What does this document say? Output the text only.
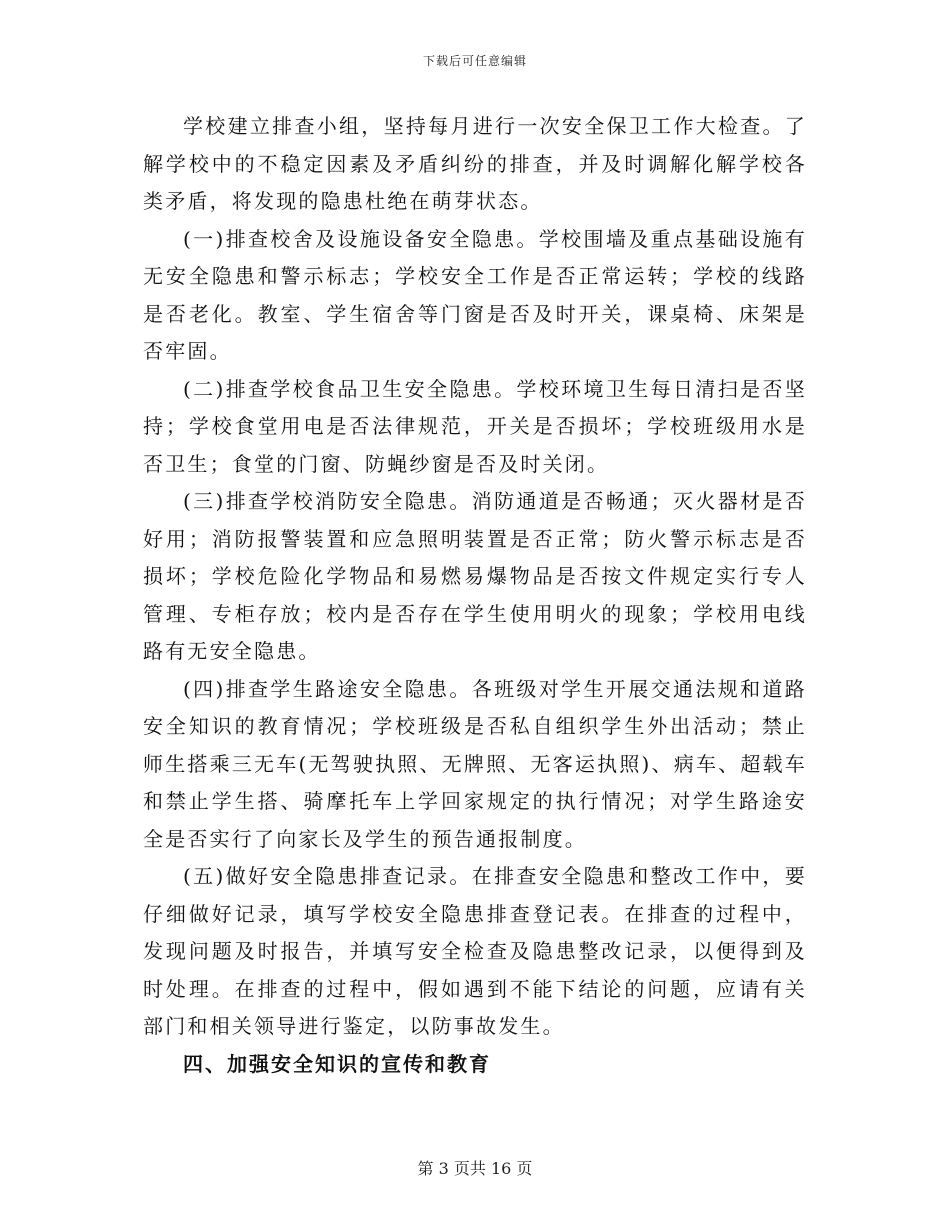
下载后可任意编辑

学校建立排查小组，坚持每月进行一次安全保卫工作大检查。了解学校中的不稳定因素及矛盾纠纷的排查，并及时调解化解学校各类矛盾，将发现的隐患杜绝在萌芽状态。

(一)排查校舍及设施设备安全隐患。学校围墙及重点基础设施有无安全隐患和警示标志；学校安全工作是否正常运转；学校的线路是否老化。教室、学生宿舍等门窗是否及时开关，课桌椅、床架是否牢固。

(二)排查学校食品卫生安全隐患。学校环境卫生每日清扫是否坚持；学校食堂用电是否法律规范，开关是否损坏；学校班级用水是否卫生；食堂的门窗、防蝇纱窗是否及时关闭。

(三)排查学校消防安全隐患。消防通道是否畅通；灭火器材是否好用；消防报警装置和应急照明装置是否正常；防火警示标志是否损坏；学校危险化学物品和易燃易爆物品是否按文件规定实行专人管理、专柜存放；校内是否存在学生使用明火的现象；学校用电线路有无安全隐患。

(四)排查学生路途安全隐患。各班级对学生开展交通法规和道路安全知识的教育情况；学校班级是否私自组织学生外出活动；禁止师生搭乘三无车(无驾驶执照、无牌照、无客运执照)、病车、超载车和禁止学生搭、骑摩托车上学回家规定的执行情况；对学生路途安全是否实行了向家长及学生的预告通报制度。

(五)做好安全隐患排查记录。在排查安全隐患和整改工作中，要仔细做好记录，填写学校安全隐患排查登记表。在排查的过程中，发现问题及时报告，并填写安全检查及隐患整改记录，以便得到及时处理。在排查的过程中，假如遇到不能下结论的问题，应请有关部门和相关领导进行鉴定，以防事故发生。

四、加强安全知识的宣传和教育

第 3 页共 16 页
